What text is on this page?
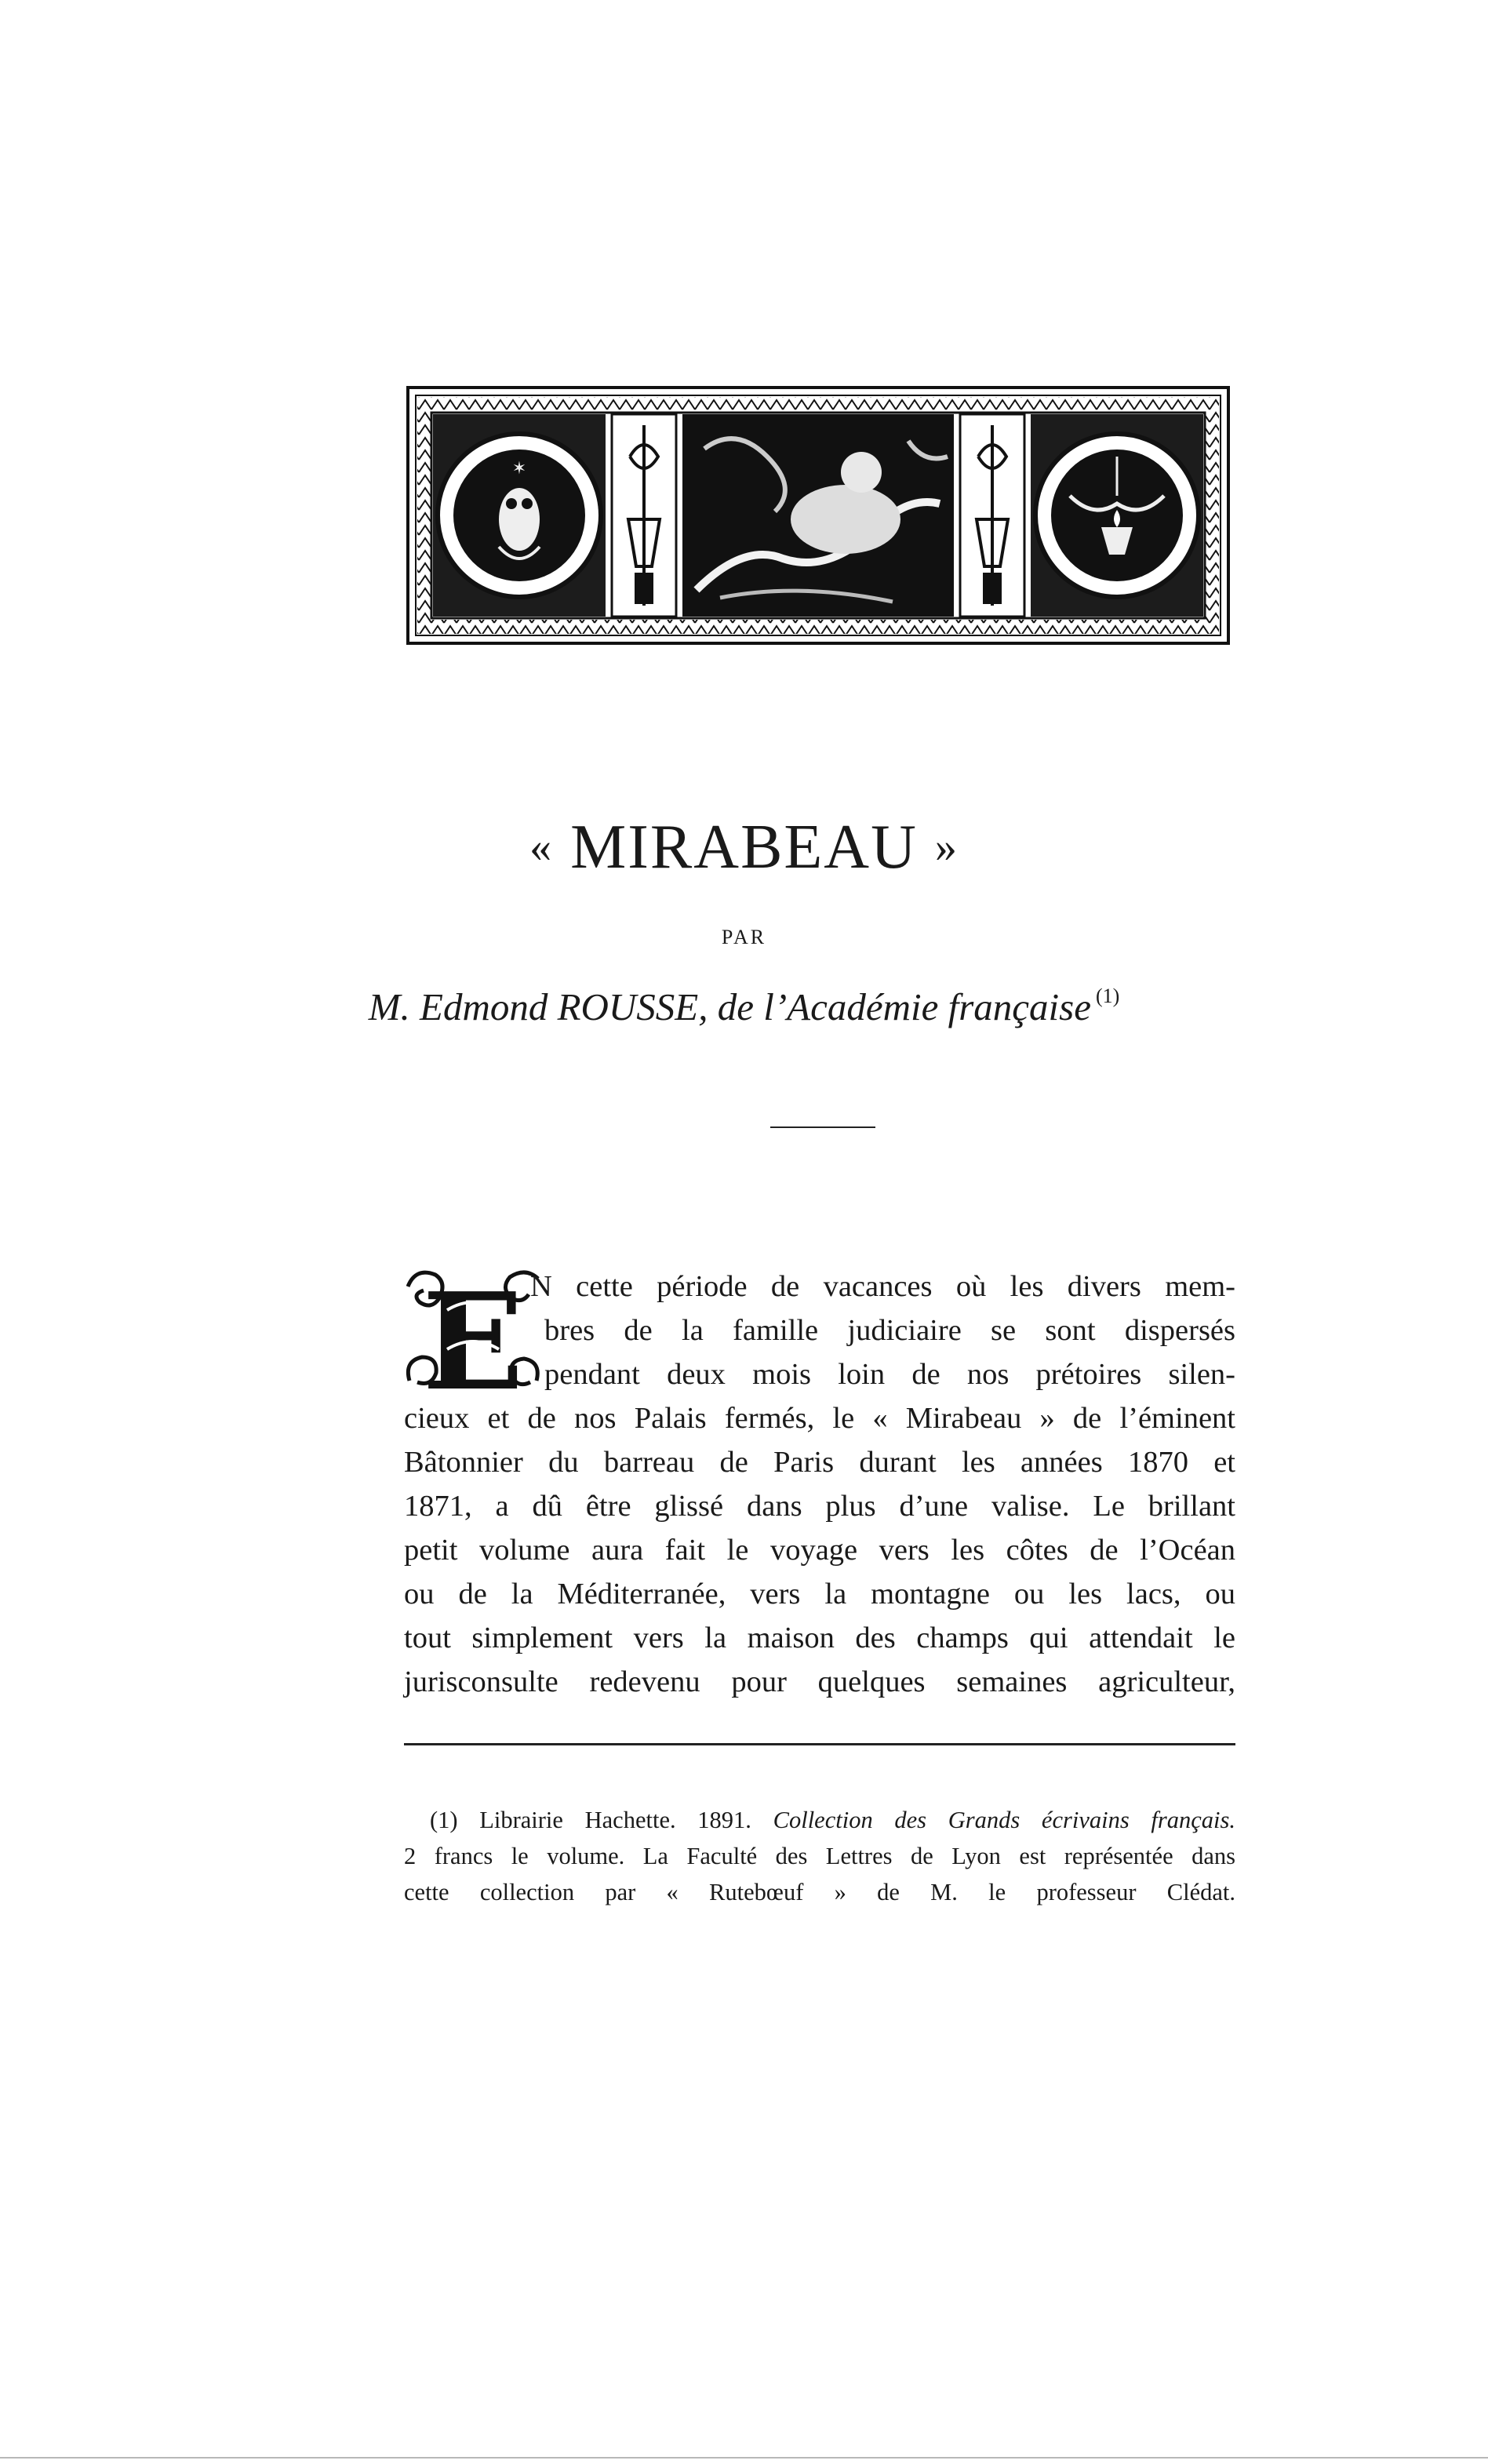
✶
« MIRABEAU »
PAR
M. Edmond ROUSSE, de l’Académie française $^{(1)}$
E N cette période de vacances où les divers mem-
bres de la famille judiciaire se sont dispersés
pendant deux mois loin de nos prétoires silen-
cieux et de nos Palais fermés, le « Mirabeau » de l’éminent
Bâtonnier du barreau de Paris durant les années 1870 et
1871, a dû être glissé dans plus d’une valise. Le brillant
petit volume aura fait le voyage vers les côtes de l’Océan
ou de la Méditerranée, vers la montagne ou les lacs, ou
tout simplement vers la maison des champs qui attendait le
jurisconsulte redevenu pour quelques semaines agriculteur,
(1) Librairie Hachette. 1891. Collection des Grands écrivains français.
2 francs le volume. La Faculté des Lettres de Lyon est représentée dans
cette collection par « Rutebœuf » de M. le professeur Clédat.
